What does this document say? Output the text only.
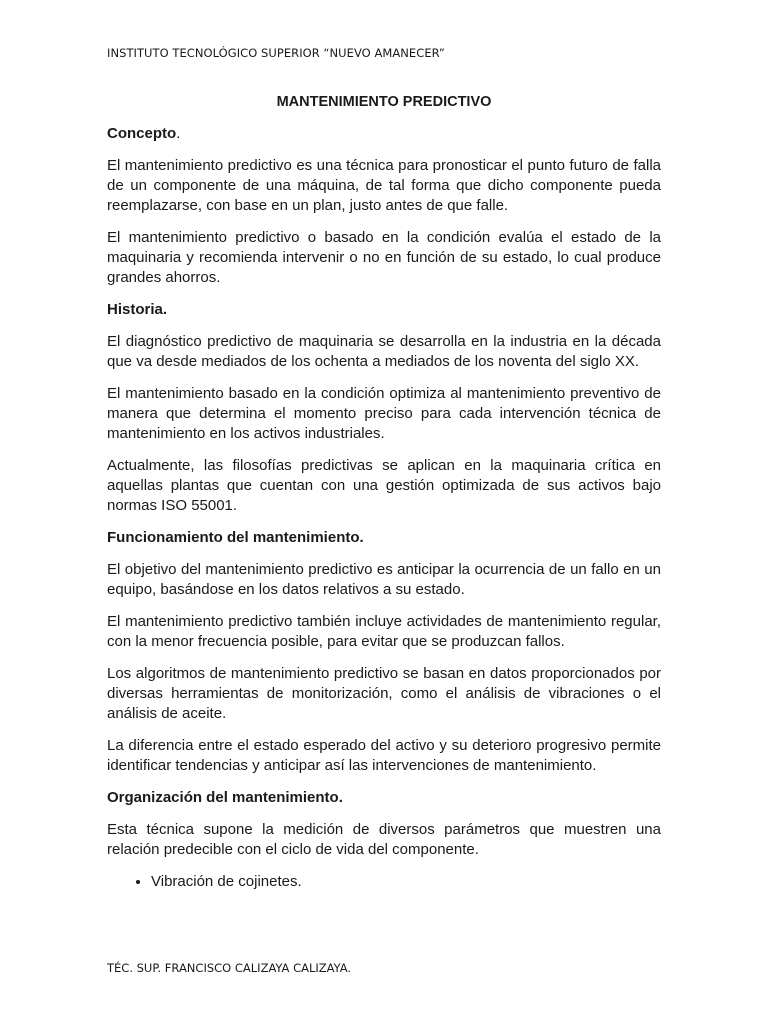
INSTITUTO TECNOLÓGICO SUPERIOR “NUEVO AMANECER”
MANTENIMIENTO PREDICTIVO
Concepto.

El mantenimiento predictivo es una técnica para pronosticar el punto futuro de falla de un componente de una máquina, de tal forma que dicho componente pueda reemplazarse, con base en un plan, justo antes de que falle.

El mantenimiento predictivo o basado en la condición evalúa el estado de la maquinaria y recomienda intervenir o no en función de su estado, lo cual produce grandes ahorros.

Historia.

El diagnóstico predictivo de maquinaria se desarrolla en la industria en la década que va desde mediados de los ochenta a mediados de los noventa del siglo XX.

El mantenimiento basado en la condición optimiza al mantenimiento preventivo de manera que determina el momento preciso para cada intervención técnica de mantenimiento en los activos industriales.

Actualmente, las filosofías predictivas se aplican en la maquinaria crítica en aquellas plantas que cuentan con una gestión optimizada de sus activos bajo normas ISO 55001.

Funcionamiento del mantenimiento.

El objetivo del mantenimiento predictivo es anticipar la ocurrencia de un fallo en un equipo, basándose en los datos relativos a su estado.

El mantenimiento predictivo también incluye actividades de mantenimiento regular, con la menor frecuencia posible, para evitar que se produzcan fallos.

Los algoritmos de mantenimiento predictivo se basan en datos proporcionados por diversas herramientas de monitorización, como el análisis de vibraciones o el análisis de aceite.

La diferencia entre el estado esperado del activo y su deterioro progresivo permite identificar tendencias y anticipar así las intervenciones de mantenimiento.

Organización del mantenimiento.

Esta técnica supone la medición de diversos parámetros que muestren una relación predecible con el ciclo de vida del componente.

• Vibración de cojinetes.
TÉC. SUP. FRANCISCO CALIZAYA CALIZAYA.
